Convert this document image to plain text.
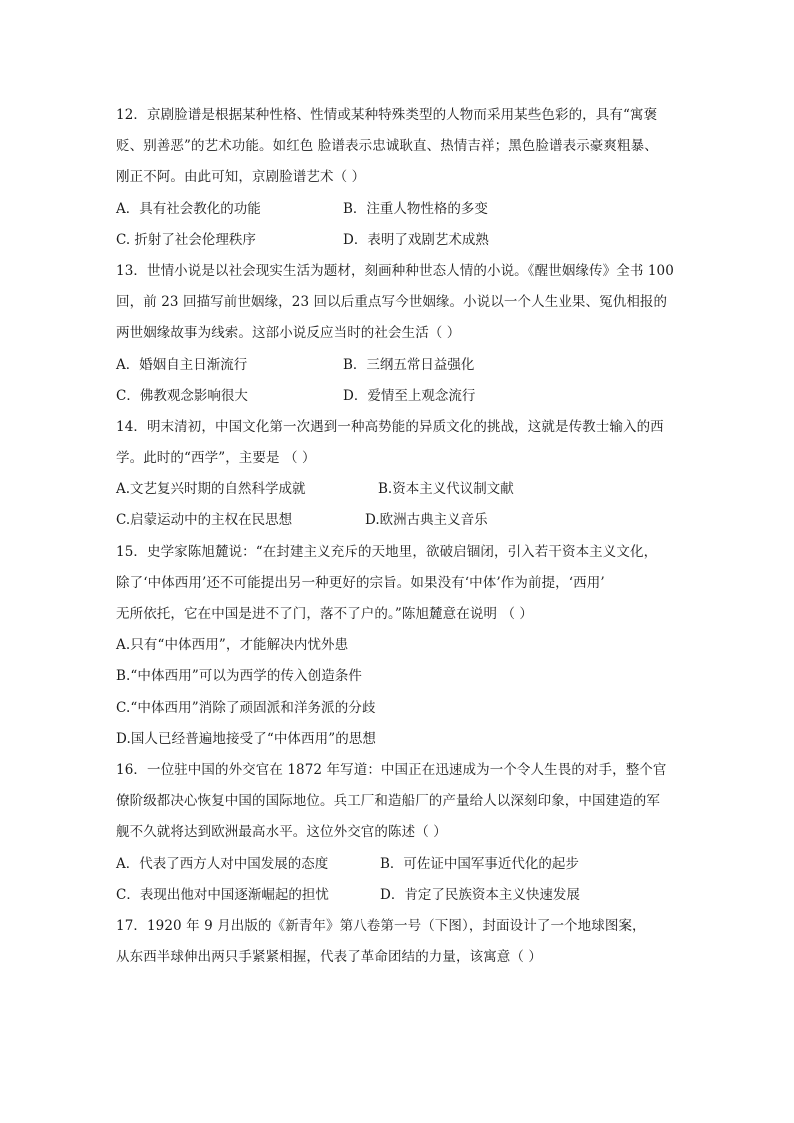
12．京剧脸谱是根据某种性格、性情或某种特殊类型的人物而采用某些色彩的，具有“寓褒
贬、别善恶”的艺术功能。如红色 脸谱表示忠诚耿直、热情吉祥；黑色脸谱表示豪爽粗暴、
刚正不阿。由此可知，京剧脸谱艺术（ ）
A．具有社会教化的功能	B．注重人物性格的多变
C. 折射了社会伦理秩序	D．表明了戏剧艺术成熟
13．世情小说是以社会现实生活为题材，刻画种种世态人情的小说。《醒世姻缘传》全书 100
回，前 23 回描写前世姻缘，23 回以后重点写今世姻缘。小说以一个人生业果、冤仇相报的
两世姻缘故事为线索。这部小说反应当时的社会生活（ ）
A．婚姻自主日渐流行	B．三纲五常日益强化
C．佛教观念影响很大	D．爱情至上观念流行
14．明末清初，中国文化第一次遇到一种高势能的异质文化的挑战，这就是传教士输入的西
学。此时的“西学”，主要是 （ ）
A.文艺复兴时期的自然科学成就	B.资本主义代议制文献
C.启蒙运动中的主权在民思想	D.欧洲古典主义音乐
15．史学家陈旭麓说：“在封建主义充斥的天地里，欲破启锢闭，引入若干资本主义文化，
除了‘中体西用’还不可能提出另一种更好的宗旨。如果没有‘中体’作为前提，‘西用’
无所依托，它在中国是进不了门，落不了户的。”陈旭麓意在说明 （ ）
A.只有“中体西用”，才能解决内忧外患
B.“中体西用”可以为西学的传入创造条件
C.“中体西用”消除了顽固派和洋务派的分歧
D.国人已经普遍地接受了“中体西用”的思想
16．一位驻中国的外交官在 1872 年写道：中国正在迅速成为一个令人生畏的对手，整个官
僚阶级都决心恢复中国的国际地位。兵工厂和造船厂的产量给人以深刻印象，中国建造的军
舰不久就将达到欧洲最高水平。这位外交官的陈述（ ）
A．代表了西方人对中国发展的态度	B．可佐证中国军事近代化的起步
C．表现出他对中国逐渐崛起的担忧	D．肯定了民族资本主义快速发展
17．1920 年 9 月出版的《新青年》第八卷第一号（下图），封面设计了一个地球图案，
从东西半球伸出两只手紧紧相握，代表了革命团结的力量，该寓意（ ）
